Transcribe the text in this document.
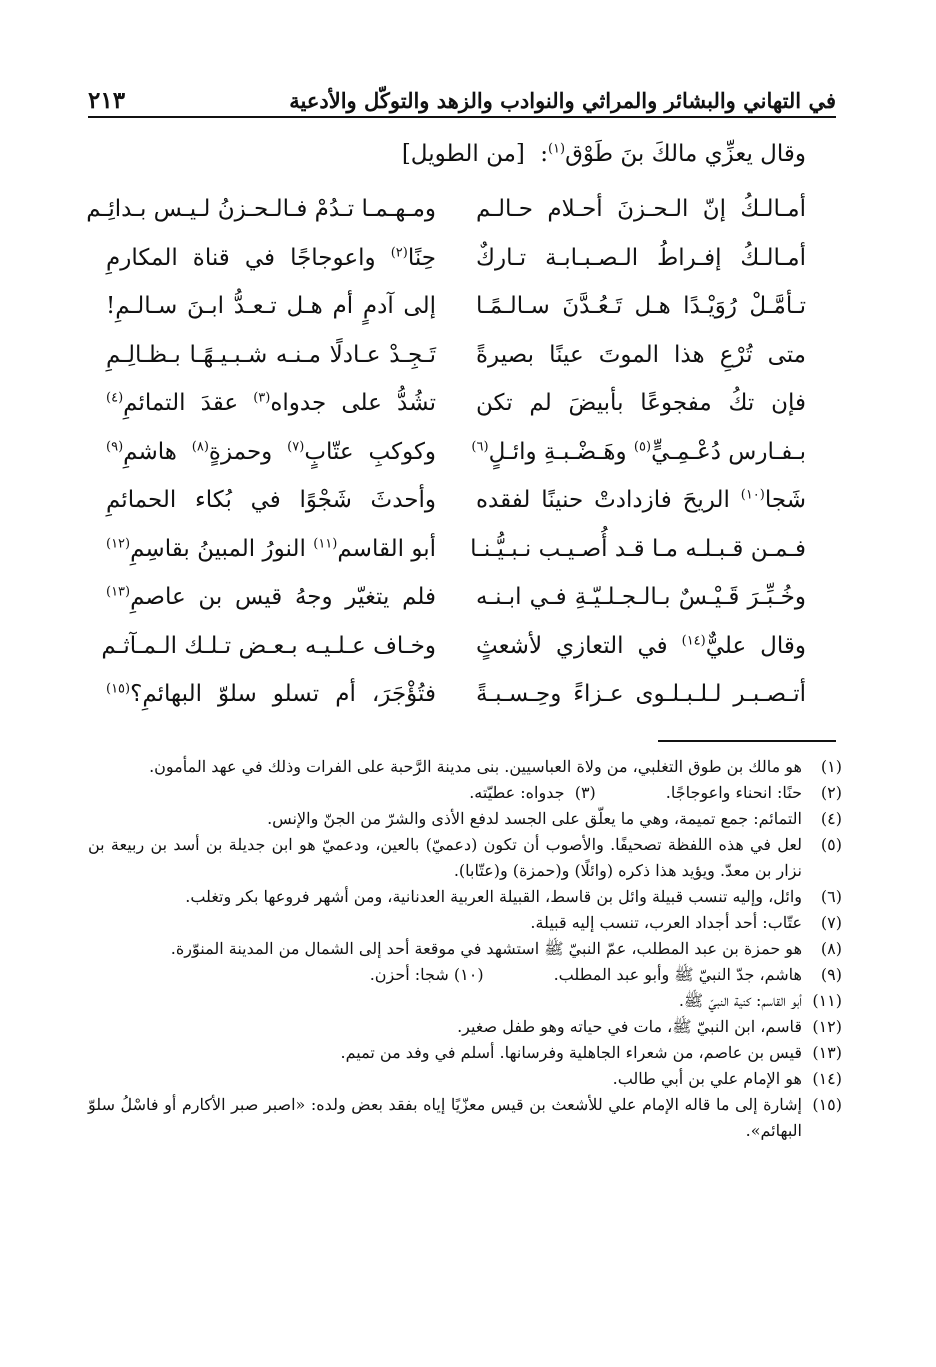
في التهاني والبشائر والمراثي والنوادب والزهد والتوكّل والأدعية
٢١٣
وقال يعزِّي مالكَ بنَ طَوْق$^{(١)}$: [من الطويل]
أمـالـكُ إنّ الـحـزنَ أحـلام حـالـم
ومـهـمـا تـدُمْ فـالـحـزنُ لـيـس بـدائِـم
أمـالـكُ إفـراطُ الـصـبـابـة تـاركٌ
حِنًا$^{(٢)}$ واعوجاجًا في قناة المكارمِ
تـأمَّـلْ رُوَيْـدًا هـل تَـعُـدَّنَ سـالـمًـا
إلى آدمٍ أم هـل تـعـدُّ ابـنَ سـالـمِ!
متى تُرْعِ هذا الموتَ عينًا بصيرةً
تَـجِـدْ عـادلًا مـنـه شـبـيـهًـا بـظـالِـمِ
فإن تكُ مفجوعًا بأبيضَ لم تكن
تشُدُّ على جدواه$^{(٣)}$ عقدَ التمائمِ$^{(٤)}$
بـفـارس دُعْـمِـيٍّ$^{(٥)}$ وهَـضْـبـةِ وائـلٍ$^{(٦)}$
وكوكبِ عتّابٍ$^{(٧)}$ وحمزةٍ$^{(٨)}$ هاشمِ$^{(٩)}$
شَجا$^{(١٠)}$ الريحَ فازدادتْ حنينًا لفقده
وأحدثَ شَجْوًا في بُكاء الحمائمِ
فـمـن قـبـلـه مـا قـد أُصـيـب نـبـيُّـنـا
أبو القاسم$^{(١١)}$ النورُ المبينُ بقاسِمِ$^{(١٢)}$
وخُـبِّـرَ قَـيْـسٌ بـالـجـلـيّـةِ فـي ابـنـه
فلم يتغيّر وجهُ قيس بن عاصمِ$^{(١٣)}$
وقال عليٌّ$^{(١٤)}$ في التعازي لأشعثٍ
وخـاف عـلـيـه بـعـض تـلـك الـمـآثـم
أتـصـبـر لـلـبـلـوى عـزاءً وحِـسـبـةً
فتُؤْجَرَ، أم تسلو سلوّ البهائمِ؟$^{(١٥)}$
(١)
هو مالك بن طوق التغلبي، من ولاة العباسيين. بنى مدينة الرَّحبة على الفرات وذلك في عهد المأمون.
(٢)
حنًا: انحناء واعوجاجًا.
(٣)

جدواه: عطيّته.
(٤)
التمائم: جمع تميمة، وهي ما يعلّق على الجسد لدفع الأذى والشرّ من الجنّ والإنس.
(٥)
لعل في هذه اللفظة تصحيفًا. والأصوب أن تكون (دعميّ) بالعين، ودعميّ هو ابن جديلة بن أسد بن ربيعة بن نزار بن معدّ. ويؤيد هذا ذكره (وائلًا) و(حمزة) و(عتّابا).
(٦)
وائل، وإليه تنسب قبيلة وائل بن قاسط، القبيلة العربية العدنانية، ومن أشهر فروعها بكر وتغلب.
(٧)
عتّاب: أحد أجداد العرب، تنسب إليه قبيلة.
(٨)
هو حمزة بن عبد المطلب، عمّ النبيّ ﷺ استشهد في موقعة أحد إلى الشمال من المدينة المنوّرة.
(٩)
هاشم، جدّ النبيّ ﷺ وأبو عبد المطلب.
(١٠)

شجا: أحزن.
(١١)
أبو القاسم: كنية النبيّ ﷺ.
(١٢)
قاسم، ابن النبيّ ﷺ، مات في حياته وهو طفل صغير.
(١٣)
قيس بن عاصم، من شعراء الجاهلية وفرسانها. أسلم في وفد من تميم.
(١٤)
هو الإمام علي بن أبي طالب.
(١٥)
إشارة إلى ما قاله الإمام علي للأشعث بن قيس معزّيًا إياه بفقد بعض ولده: «اصبر صبر الأكارم أو فاسْلُ سلوّ البهائم».
